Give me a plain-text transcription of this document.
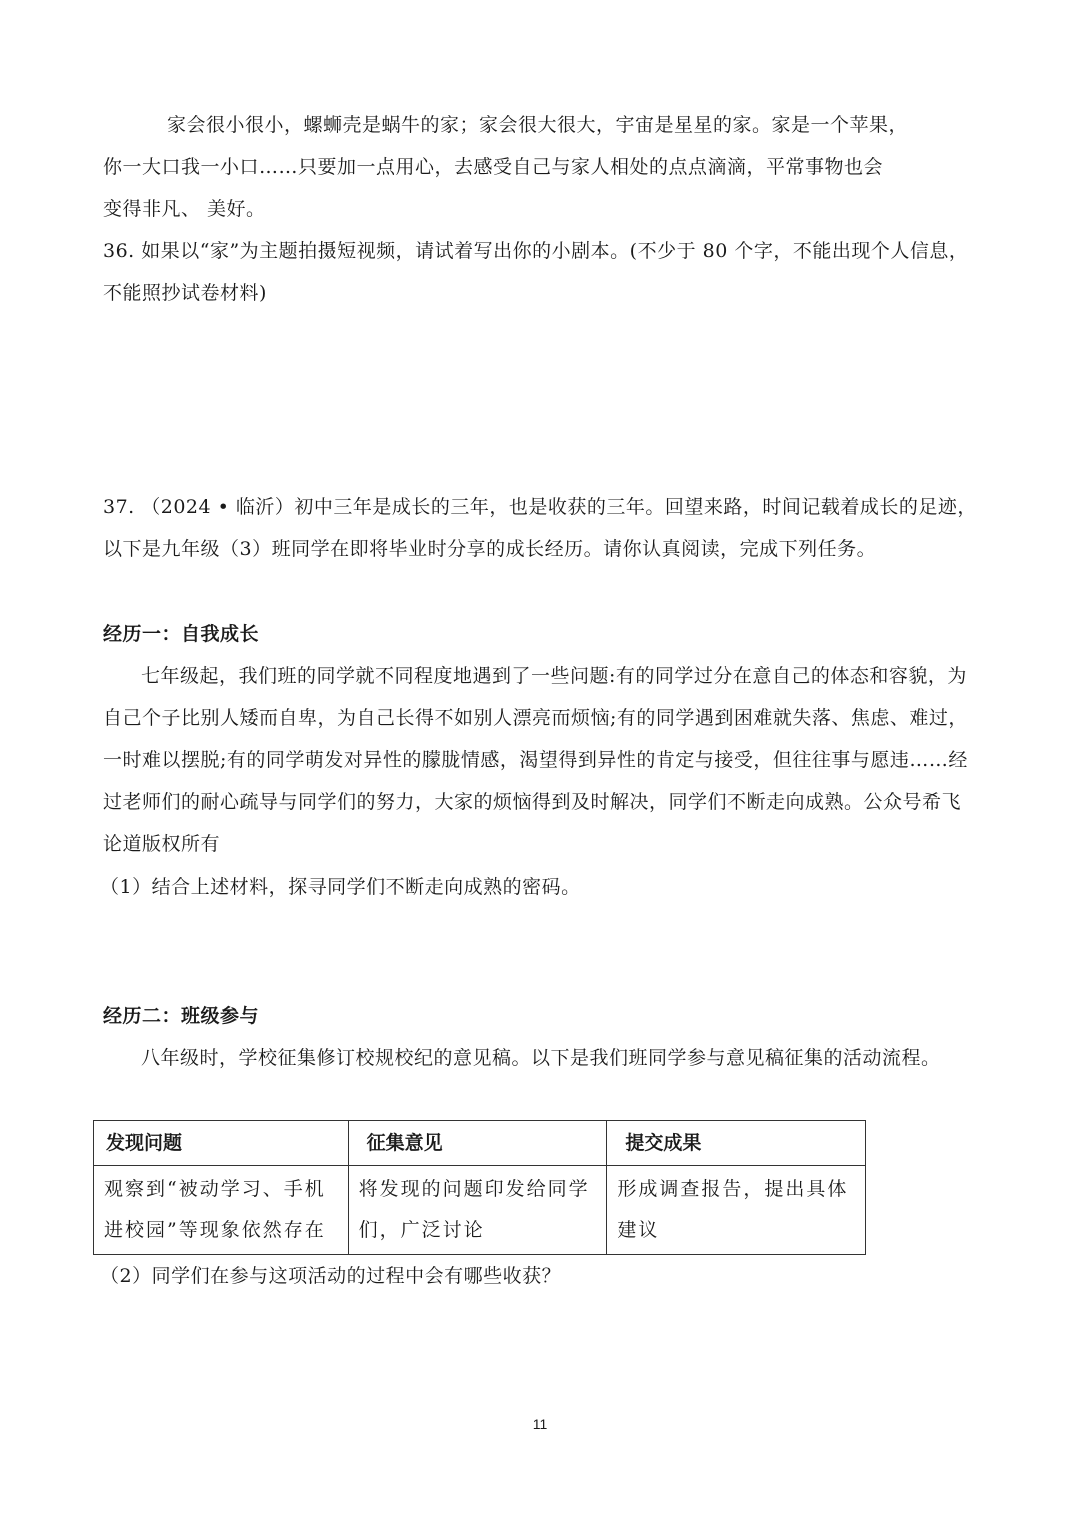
家会很小很小，螺蛳壳是蜗牛的家；家会很大很大，宇宙是星星的家。家是一个苹果，
你一大口我一小口……只要加一点用心，去感受自己与家人相处的点点滴滴，平常事物也会
变得非凡、 美好。

36. 如果以“家”为主题拍摄短视频，请试着写出你的小剧本。(不少于 80 个字，不能出现个人信息，不能照抄试卷材料)

37. （2024 • 临沂）初中三年是成长的三年，也是收获的三年。回望来路，时间记载着成长的足迹，以下是九年级（3）班同学在即将毕业时分享的成长经历。请你认真阅读，完成下列任务。

经历一：自我成长

七年级起，我们班的同学就不同程度地遇到了一些问题:有的同学过分在意自己的体态和容貌，为自己个子比别人矮而自卑，为自己长得不如别人漂亮而烦恼;有的同学遇到困难就失落、焦虑、难过，一时难以摆脱;有的同学萌发对异性的朦胧情感，渴望得到异性的肯定与接受，但往往事与愿违……经过老师们的耐心疏导与同学们的努力，大家的烦恼得到及时解决，同学们不断走向成熟。公众号希飞论道版权所有

（1）结合上述材料，探寻同学们不断走向成熟的密码。

经历二：班级参与

八年级时，学校征集修订校规校纪的意见稿。以下是我们班同学参与意见稿征集的活动流程。

发现问题	征集意见	提交成果
观察到“被动学习、手机进校园”等现象依然存在	将发现的问题印发给同学们，广泛讨论	形成调查报告，提出具体建议

（2）同学们在参与这项活动的过程中会有哪些收获？

11
